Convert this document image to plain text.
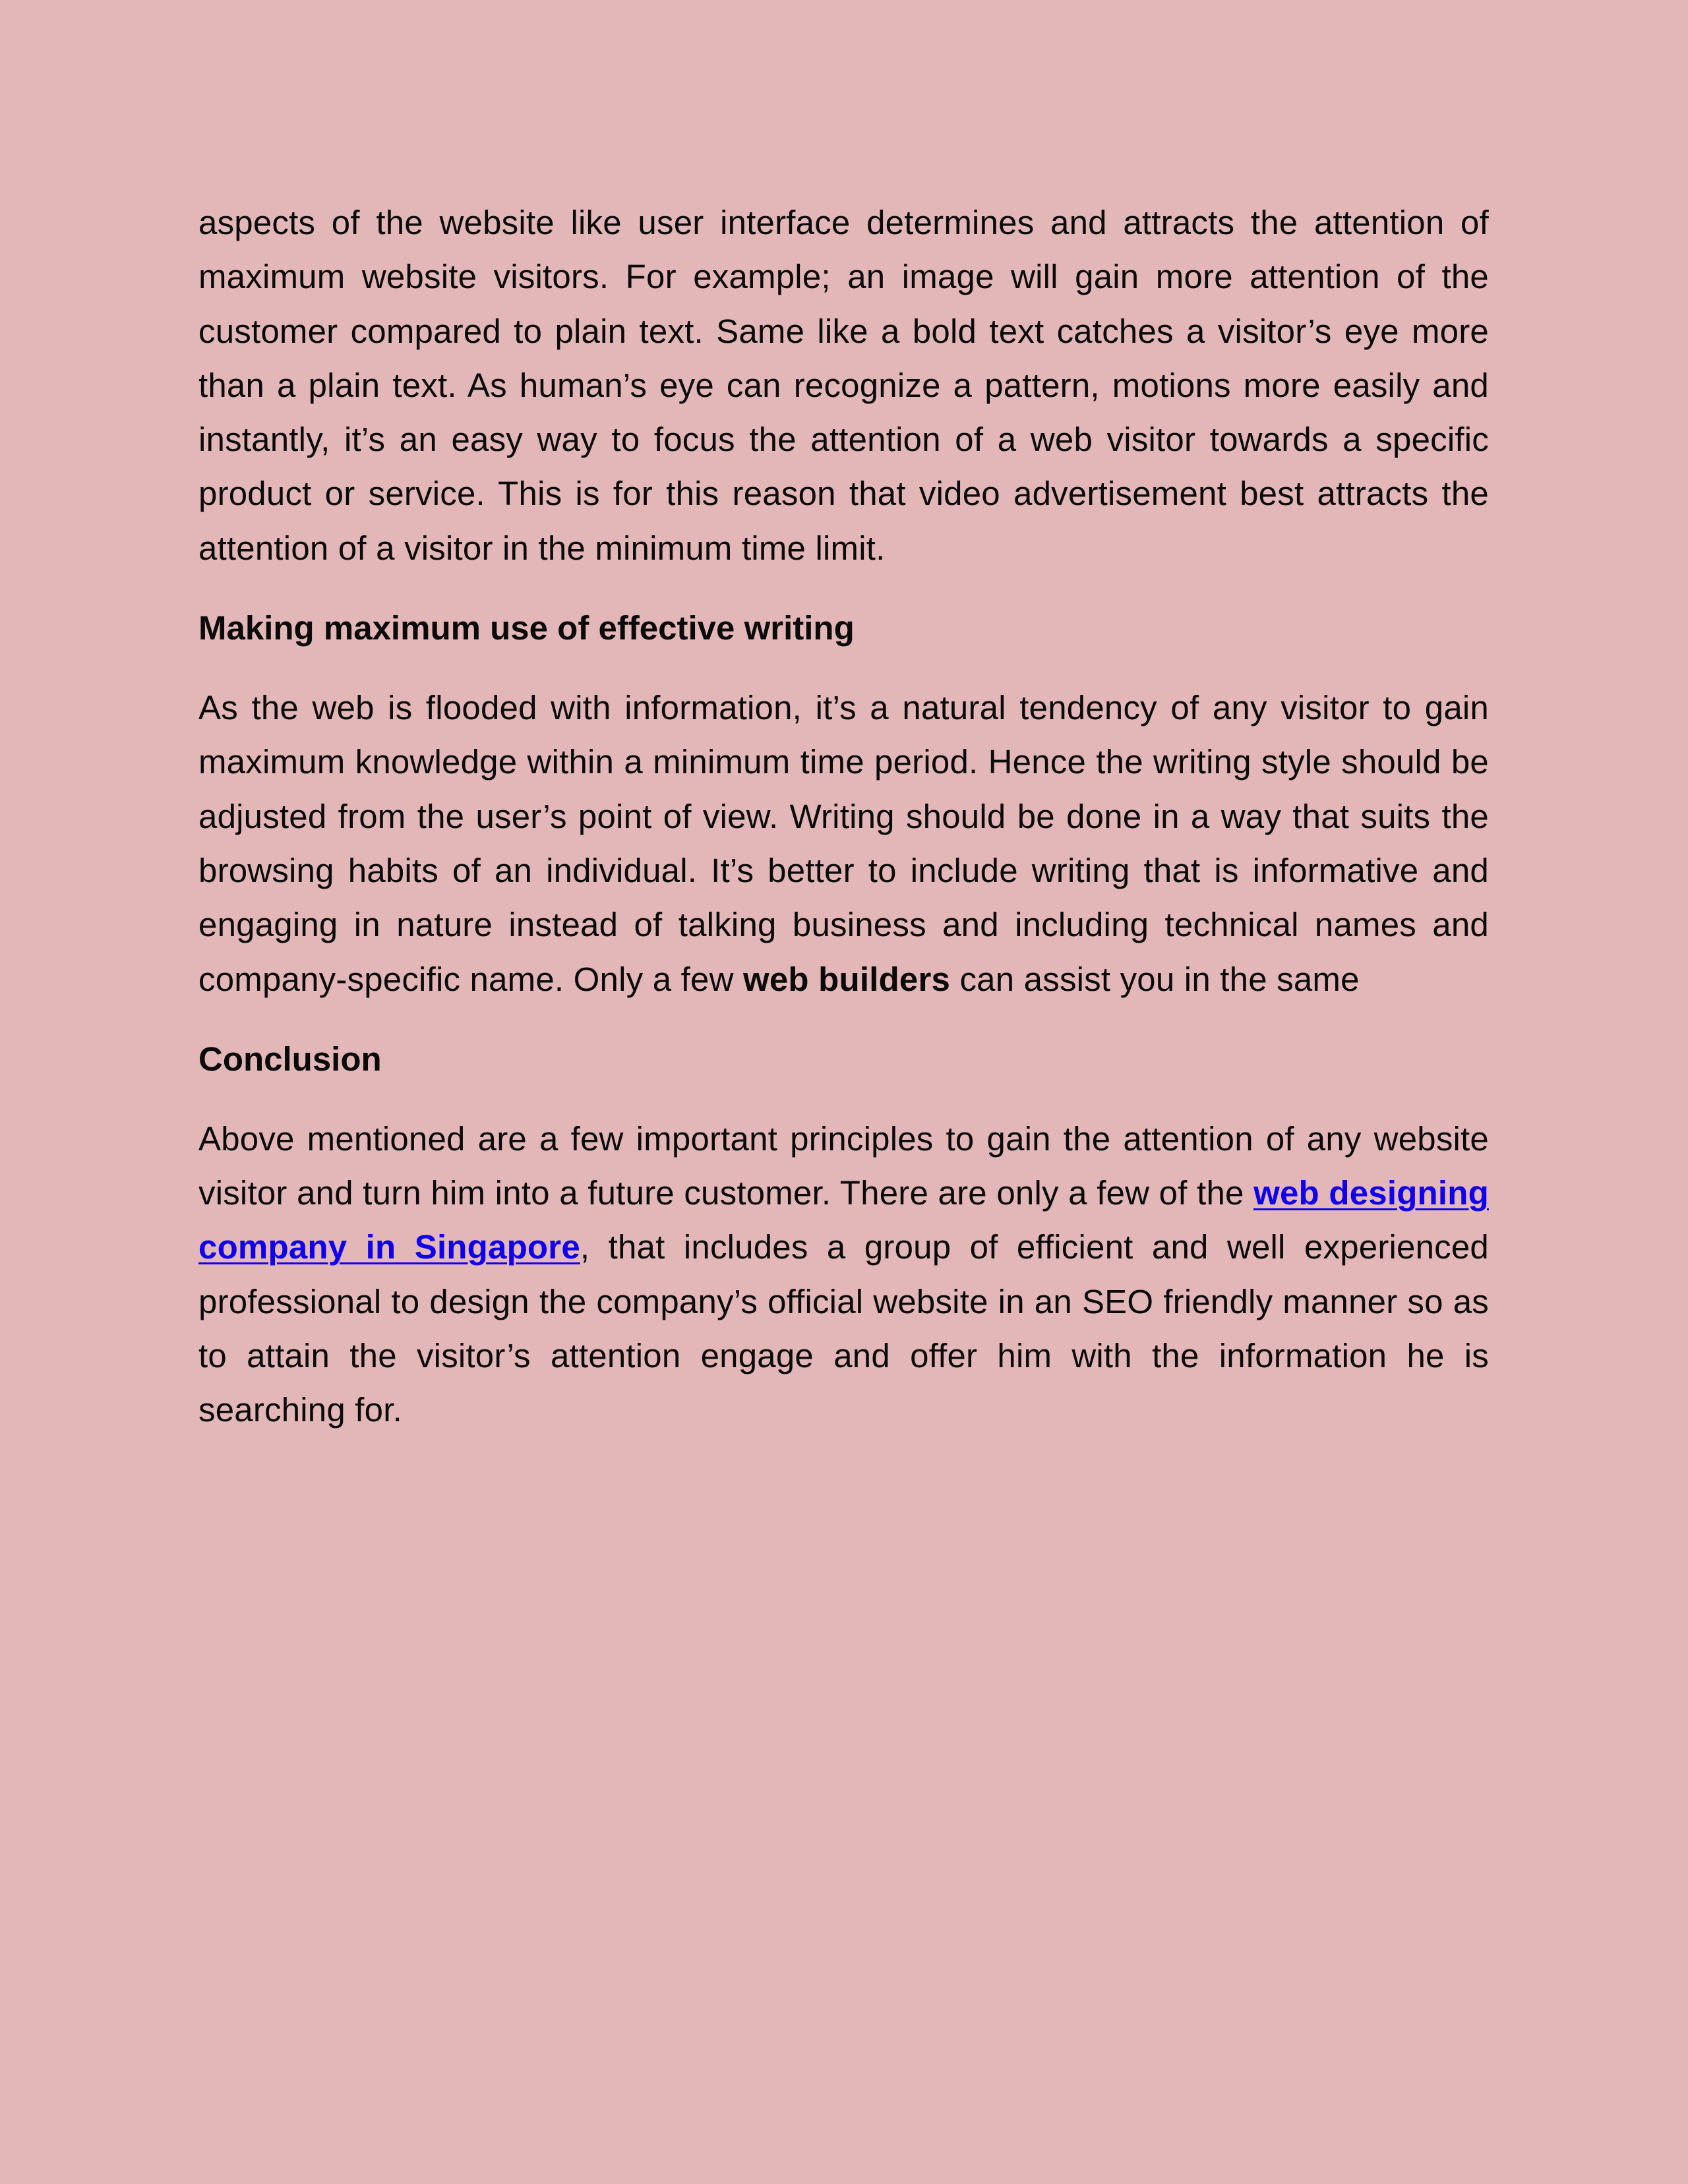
aspects of the website like user interface determines and attracts the attention of maximum website visitors. For example; an image will gain more attention of the customer compared to plain text. Same like a bold text catches a visitor’s eye more than a plain text. As human’s eye can recognize a pattern, motions more easily and instantly, it’s an easy way to focus the attention of a web visitor towards a specific product or service. This is for this reason that video advertisement best attracts the attention of a visitor in the minimum time limit.

Making maximum use of effective writing

As the web is flooded with information, it’s a natural tendency of any visitor to gain maximum knowledge within a minimum time period. Hence the writing style should be adjusted from the user’s point of view. Writing should be done in a way that suits the browsing habits of an individual. It’s better to include writing that is informative and engaging in nature instead of talking business and including technical names and company-specific name. Only a few web builders can assist you in the same

Conclusion

Above mentioned are a few important principles to gain the attention of any website visitor and turn him into a future customer. There are only a few of the web designing company in Singapore, that includes a group of efficient and well experienced professional to design the company’s official website in an SEO friendly manner so as to attain the visitor’s attention engage and offer him with the information he is searching for.
